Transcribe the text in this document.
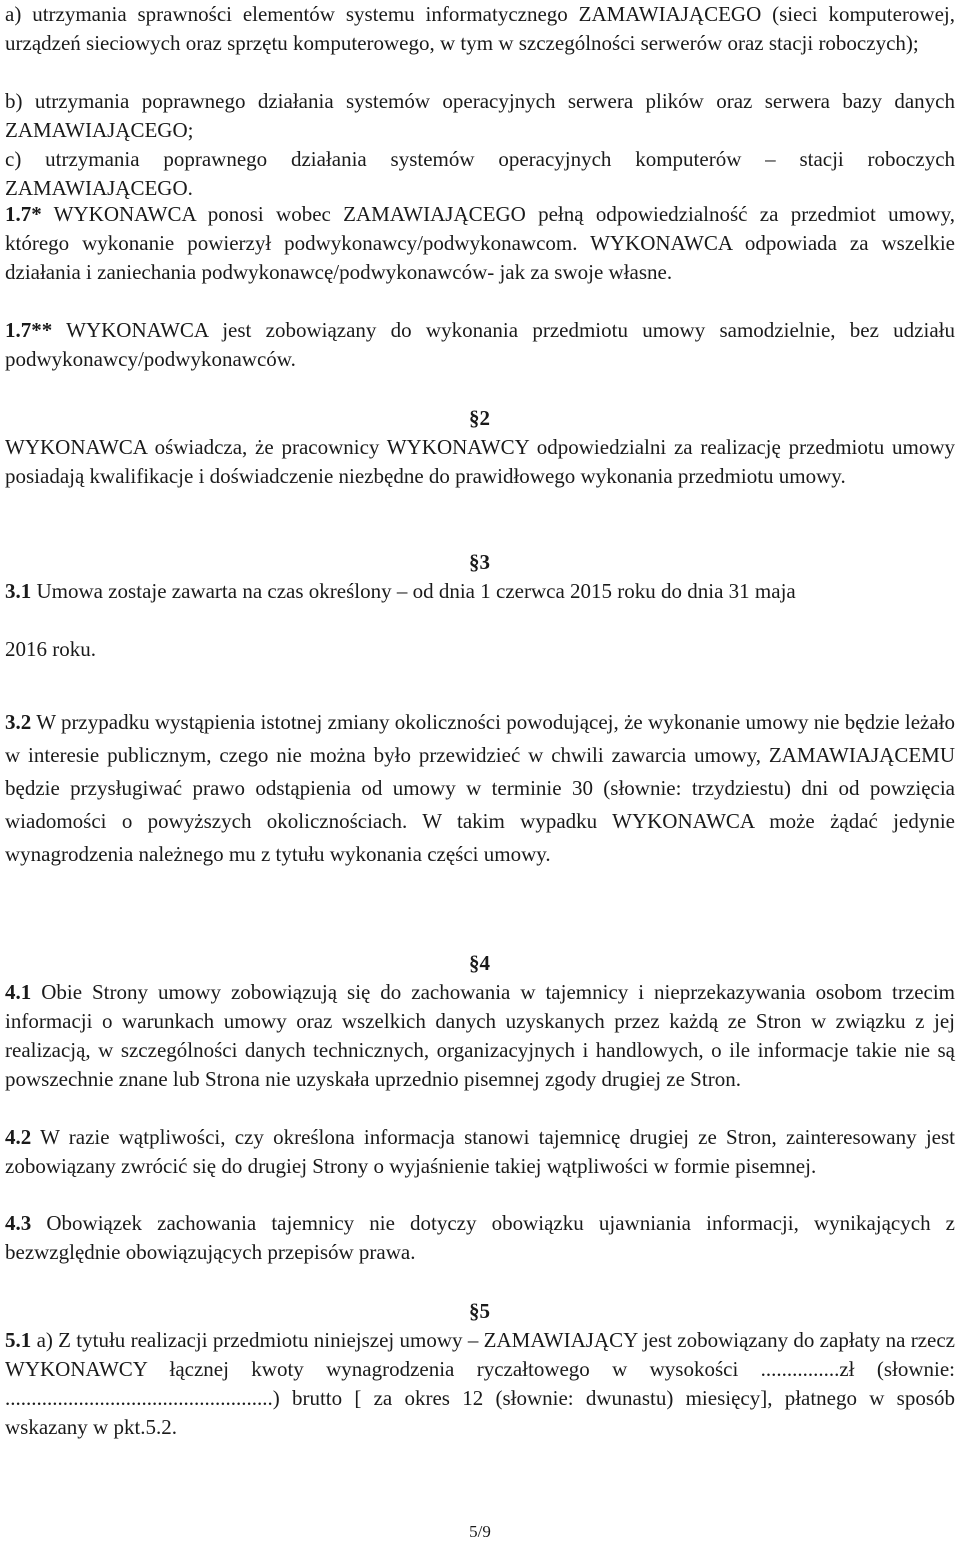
a) utrzymania sprawności elementów systemu informatycznego ZAMAWIAJĄCEGO (sieci komputerowej, urządzeń sieciowych oraz sprzętu komputerowego, w tym w szczególności serwerów oraz stacji roboczych);
b) utrzymania poprawnego działania systemów operacyjnych serwera plików oraz serwera bazy danych ZAMAWIAJĄCEGO;
c) utrzymania poprawnego działania systemów operacyjnych komputerów – stacji roboczych ZAMAWIAJĄCEGO.
1.7* WYKONAWCA ponosi wobec ZAMAWIAJĄCEGO pełną odpowiedzialność za przedmiot umowy, którego wykonanie powierzył podwykonawcy/podwykonawcom. WYKONAWCA odpowiada za wszelkie działania i zaniechania podwykonawcę/podwykonawców- jak za swoje własne.
1.7** WYKONAWCA jest zobowiązany do wykonania przedmiotu umowy samodzielnie, bez udziału podwykonawcy/podwykonawców.
§2
WYKONAWCA oświadcza, że pracownicy WYKONAWCY odpowiedzialni za realizację przedmiotu umowy posiadają kwalifikacje i doświadczenie niezbędne do prawidłowego wykonania przedmiotu umowy.
§3
3.1 Umowa zostaje zawarta na czas określony – od dnia 1 czerwca 2015 roku do dnia 31 maja
2016 roku.
3.2 W przypadku wystąpienia istotnej zmiany okoliczności powodującej, że wykonanie umowy nie będzie leżało w interesie publicznym, czego nie można było przewidzieć w chwili zawarcia umowy, ZAMAWIAJĄCEMU będzie przysługiwać prawo odstąpienia od umowy w terminie 30 (słownie: trzydziestu) dni od powzięcia wiadomości o powyższych okolicznościach. W takim wypadku WYKONAWCA może żądać jedynie wynagrodzenia należnego mu z tytułu wykonania części umowy.
§4
4.1 Obie Strony umowy zobowiązują się do zachowania w tajemnicy i nieprzekazywania osobom trzecim informacji o warunkach umowy oraz wszelkich danych uzyskanych przez każdą ze Stron w związku z jej realizacją, w szczególności danych technicznych, organizacyjnych i handlowych, o ile informacje takie nie są powszechnie znane lub Strona nie uzyskała uprzednio pisemnej zgody drugiej ze Stron.
4.2 W razie wątpliwości, czy określona informacja stanowi tajemnicę drugiej ze Stron, zainteresowany jest zobowiązany zwrócić się do drugiej Strony o wyjaśnienie takiej wątpliwości w formie pisemnej.
4.3 Obowiązek zachowania tajemnicy nie dotyczy obowiązku ujawniania informacji, wynikających z bezwzględnie obowiązujących przepisów prawa.
§5
5.1 a) Z tytułu realizacji przedmiotu niniejszej umowy – ZAMAWIAJĄCY jest zobowiązany do zapłaty na rzecz WYKONAWCY łącznej kwoty wynagrodzenia ryczałtowego w wysokości ...............zł (słownie: ...................................................) brutto [ za okres 12 (słownie: dwunastu) miesięcy], płatnego w sposób wskazany w pkt.5.2.
5/9
